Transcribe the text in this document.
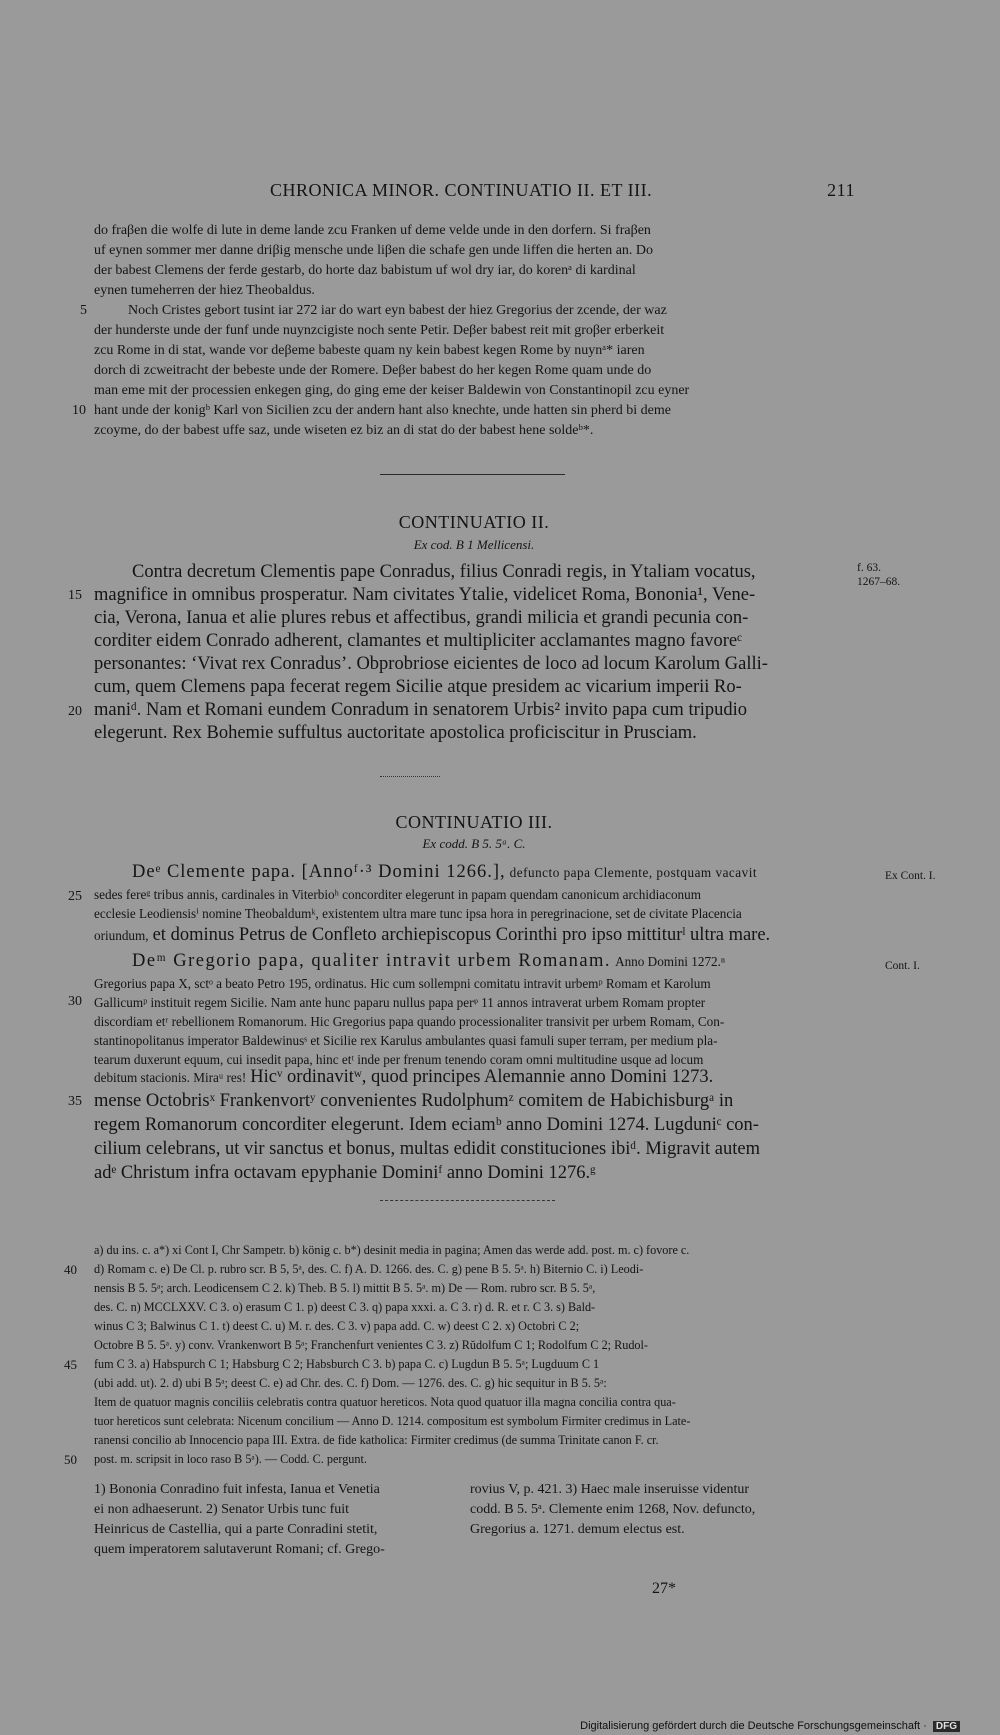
CHRONICA MINOR. CONTINUATIO II. ET III.	211
do fraβen die wolfe di lute in deme lande zcu Franken uf deme velde unde in den dorfern. Si fraβen
uf eynen sommer mer danne driβig mensche unde liβen die schafe gen unde liffen die herten an. Do
der babest Clemens der ferde gestarb, do horte daz babistum uf wol dry iar, do korenᵃ di kardinal
eynen tumeherren der hiez Theobaldus.
Noch Cristes gebort tusint iar 272 iar do wart eyn babest der hiez Gregorius der zcende, der waz
der hunderste unde der funf unde nuynzcigiste noch sente Petir. Deβer babest reit mit groβer erberkeit
zcu Rome in di stat, wande vor deβeme babeste quam ny kein babest kegen Rome by nuynᵃ* iaren
dorch di zcweitracht der bebeste unde der Romere. Deβer babest do her kegen Rome quam unde do
man eme mit der processien enkegen ging, do ging eme der keiser Baldewin von Constantinopil zcu eyner
hant unde der konigᵇ Karl von Sicilien zcu der andern hant also knechte, unde hatten sin pherd bi deme
zcoyme, do der babest uffe saz, unde wiseten ez biz an di stat do der babest hene soldeᵇ*.
5
10
CONTINUATIO II.
Ex cod. B 1 Mellicensi.
f. 63.
1267–68.
Contra decretum Clementis pape Conradus, filius Conradi regis, in Ytaliam vocatus,
magnifice in omnibus prosperatur. Nam civitates Ytalie, videlicet Roma, Bononia¹, Vene-
cia, Verona, Ianua et alie plures rebus et affectibus, grandi milicia et grandi pecunia con-
corditer eidem Conrado adherent, clamantes et multipliciter acclamantes magno favoreᶜ
personantes: ‘Vivat rex Conradus’. Obprobriose eicientes de loco ad locum Karolum Galli-
cum, quem Clemens papa fecerat regem Sicilie atque presidem ac vicarium imperii Ro-
maniᵈ. Nam et Romani eundem Conradum in senatorem Urbis² invito papa cum tripudio
elegerunt. Rex Bohemie suffultus auctoritate apostolica proficiscitur in Prusciam.
15
20
CONTINUATIO III.
Ex codd. B 5. 5ᵃ. C.
Ex Cont. I.
Cont. I.
Deᵉ Clemente papa. [Annoᶠ·³ Domini 1266.], defuncto papa Clemente, postquam vacavit
sedes fereᵍ tribus annis, cardinales in Viterbioʰ concorditer elegerunt in papam quendam canonicum archidiaconum
ecclesie Leodiensisⁱ nomine Theobaldumᵏ, existentem ultra mare tunc ipsa hora in peregrinacione, set de civitate Placencia
oriundum, et dominus Petrus de Confleto archiepiscopus Corinthi pro ipso mittiturˡ ultra mare.
Deᵐ Gregorio papa, qualiter intravit urbem Romanam. Anno Domini 1272.ⁿ
Gregorius papa X, sctᵒ a beato Petro 195, ordinatus. Hic cum sollempni comitatu intravit urbemᵖ Romam et Karolum
Gallicumᵖ instituit regem Sicilie. Nam ante hunc paparu nullus papa perᵠ 11 annos intraverat urbem Romam propter
discordiam etʳ rebellionem Romanorum. Hic Gregorius papa quando processionaliter transivit per urbem Romam, Con-
stantinopolitanus imperator Baldewinusˢ et Sicilie rex Karulus ambulantes quasi famuli super terram, per medium pla-
tearum duxerunt equum, cui insedit papa, hinc etᵗ inde per frenum tenendo coram omni multitudine usque ad locum
debitum stacionis. Miraᵘ res! Hicᵛ ordinavitʷ, quod principes Alemannie anno Domini 1273.
mense Octobrisˣ Frankenvortʸ convenientes Rudolphumᶻ comitem de Habichisburgᵃ in
regem Romanorum concorditer elegerunt. Idem eciamᵇ anno Domini 1274. Lugduniᶜ con-
cilium celebrans, ut vir sanctus et bonus, multas edidit constituciones ibiᵈ. Migravit autem
adᵉ Christum infra octavam epyphanie Dominiᶠ anno Domini 1276.ᵍ
25
30
35
a) du ins. c. a*) xi Cont I, Chr Sampetr. b) könig c. b*) desinit media in pagina; Amen das werde add. post. m. c) fovore c.
d) Romam c. e) De Cl. p. rubro scr. B 5, 5ᵃ, des. C. f) A. D. 1266. des. C. g) pene B 5. 5ᵃ. h) Biternio C. i) Leodi-
nensis B 5. 5ᵃ; arch. Leodicensem C 2. k) Theb. B 5. l) mittit B 5. 5ᵃ. m) De — Rom. rubro scr. B 5. 5ᵃ,
des. C. n) MCCLXXV. C 3. o) erasum C 1. p) deest C 3. q) papa xxxi. a. C 3. r) d. R. et r. C 3. s) Bald-
winus C 3; Balwinus C 1. t) deest C. u) M. r. des. C 3. v) papa add. C. w) deest C 2. x) Octobri C 2;
Octobre B 5. 5ᵃ. y) conv. Vrankenwort B 5ᵃ; Franchenfurt venientes C 3. z) Rŭdolfum C 1; Rodolfum C 2; Rudol-
fum C 3. a) Habspurch C 1; Habsburg C 2; Habsburch C 3. b) papa C. c) Lugdun B 5. 5ᵃ; Lugduum C 1
(ubi add. ut). 2. d) ubi B 5ᵃ; deest C. e) ad Chr. des. C. f) Dom. — 1276. des. C. g) hic sequitur in B 5. 5ᵃ:
Item de quatuor magnis conciliis celebratis contra quatuor hereticos. Nota quod quatuor illa magna concilia contra qua-
tuor hereticos sunt celebrata: Nicenum concilium — Anno D. 1214. compositum est symbolum Firmiter credimus in Late-
ranensi concilio ab Innocencio papa III. Extra. de fide katholica: Firmiter credimus (de summa Trinitate canon F. cr.
post. m. scripsit in loco raso B 5ᵃ). — Codd. C. pergunt.
40
45
50
1) Bononia Conradino fuit infesta, Ianua et Venetia
ei non adhaeserunt. 2) Senator Urbis tunc fuit
Heinricus de Castellia, qui a parte Conradini stetit,
quem imperatorem salutaverunt Romani; cf. Grego-
rovius V, p. 421. 3) Haec male inseruisse videntur
codd. B 5. 5ᵃ. Clemente enim 1268, Nov. defuncto,
Gregorius a. 1271. demum electus est.
27*
Digitalisierung gefördert durch die Deutsche Forschungsgemeinschaft · DFG
